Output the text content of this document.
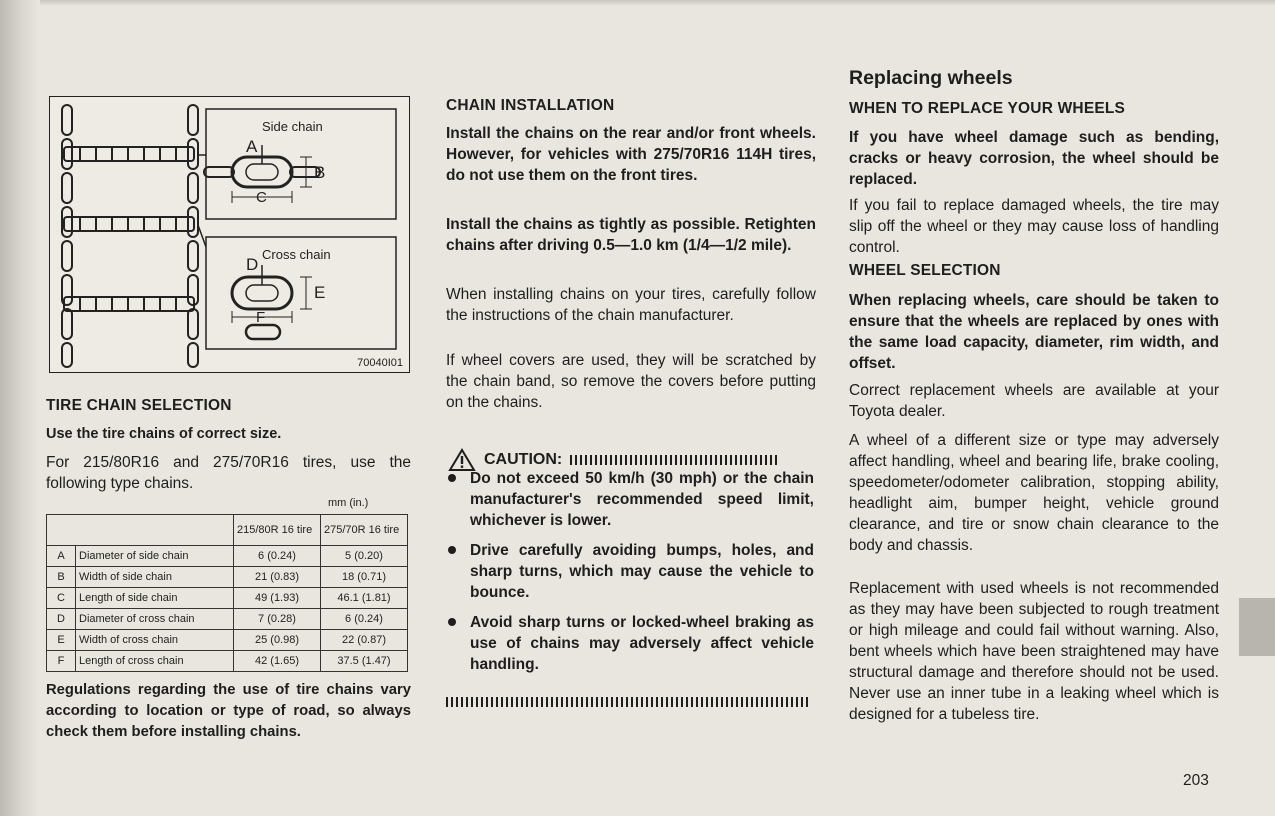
Side chain
A
B
C
Cross chain
D
E
F
70040I01

TIRE CHAIN SELECTION

Use the tire chains of correct size.

For 215/80R16 and 275/70R16 tires, use the following type chains.

mm (in.)
		215/80R 16 tire	275/70R 16 tire
A	Diameter of side chain	6 (0.24)	5 (0.20)
B	Width of side chain	21 (0.83)	18 (0.71)
C	Length of side chain	49 (1.93)	46.1 (1.81)
D	Diameter of cross chain	7 (0.28)	6 (0.24)
E	Width of cross chain	25 (0.98)	22 (0.87)
F	Length of cross chain	42 (1.65)	37.5 (1.47)

Regulations regarding the use of tire chains vary according to location or type of road, so always check them before installing chains.

CHAIN INSTALLATION

Install the chains on the rear and/or front wheels. However, for vehicles with 275/70R16 114H tires, do not use them on the front tires.

Install the chains as tightly as possible. Retighten chains after driving 0.5—1.0 km (1/4—1/2 mile).

When installing chains on your tires, carefully follow the instructions of the chain manufacturer.

If wheel covers are used, they will be scratched by the chain band, so remove the covers before putting on the chains.

CAUTION:
Do not exceed 50 km/h (30 mph) or the chain manufacturer's recommended speed limit, whichever is lower.
Drive carefully avoiding bumps, holes, and sharp turns, which may cause the vehicle to bounce.
Avoid sharp turns or locked-wheel braking as use of chains may adversely affect vehicle handling.

Replacing wheels

WHEN TO REPLACE YOUR WHEELS

If you have wheel damage such as bending, cracks or heavy corrosion, the wheel should be replaced.

If you fail to replace damaged wheels, the tire may slip off the wheel or they may cause loss of handling control.

WHEEL SELECTION

When replacing wheels, care should be taken to ensure that the wheels are replaced by ones with the same load capacity, diameter, rim width, and offset.

Correct replacement wheels are available at your Toyota dealer.

A wheel of a different size or type may adversely affect handling, wheel and bearing life, brake cooling, speedometer/odometer calibration, stopping ability, headlight aim, bumper height, vehicle ground clearance, and tire or snow chain clearance to the body and chassis.

Replacement with used wheels is not recommended as they may have been subjected to rough treatment or high mileage and could fail without warning. Also, bent wheels which have been straightened may have structural damage and therefore should not be used. Never use an inner tube in a leaking wheel which is designed for a tubeless tire.

203
